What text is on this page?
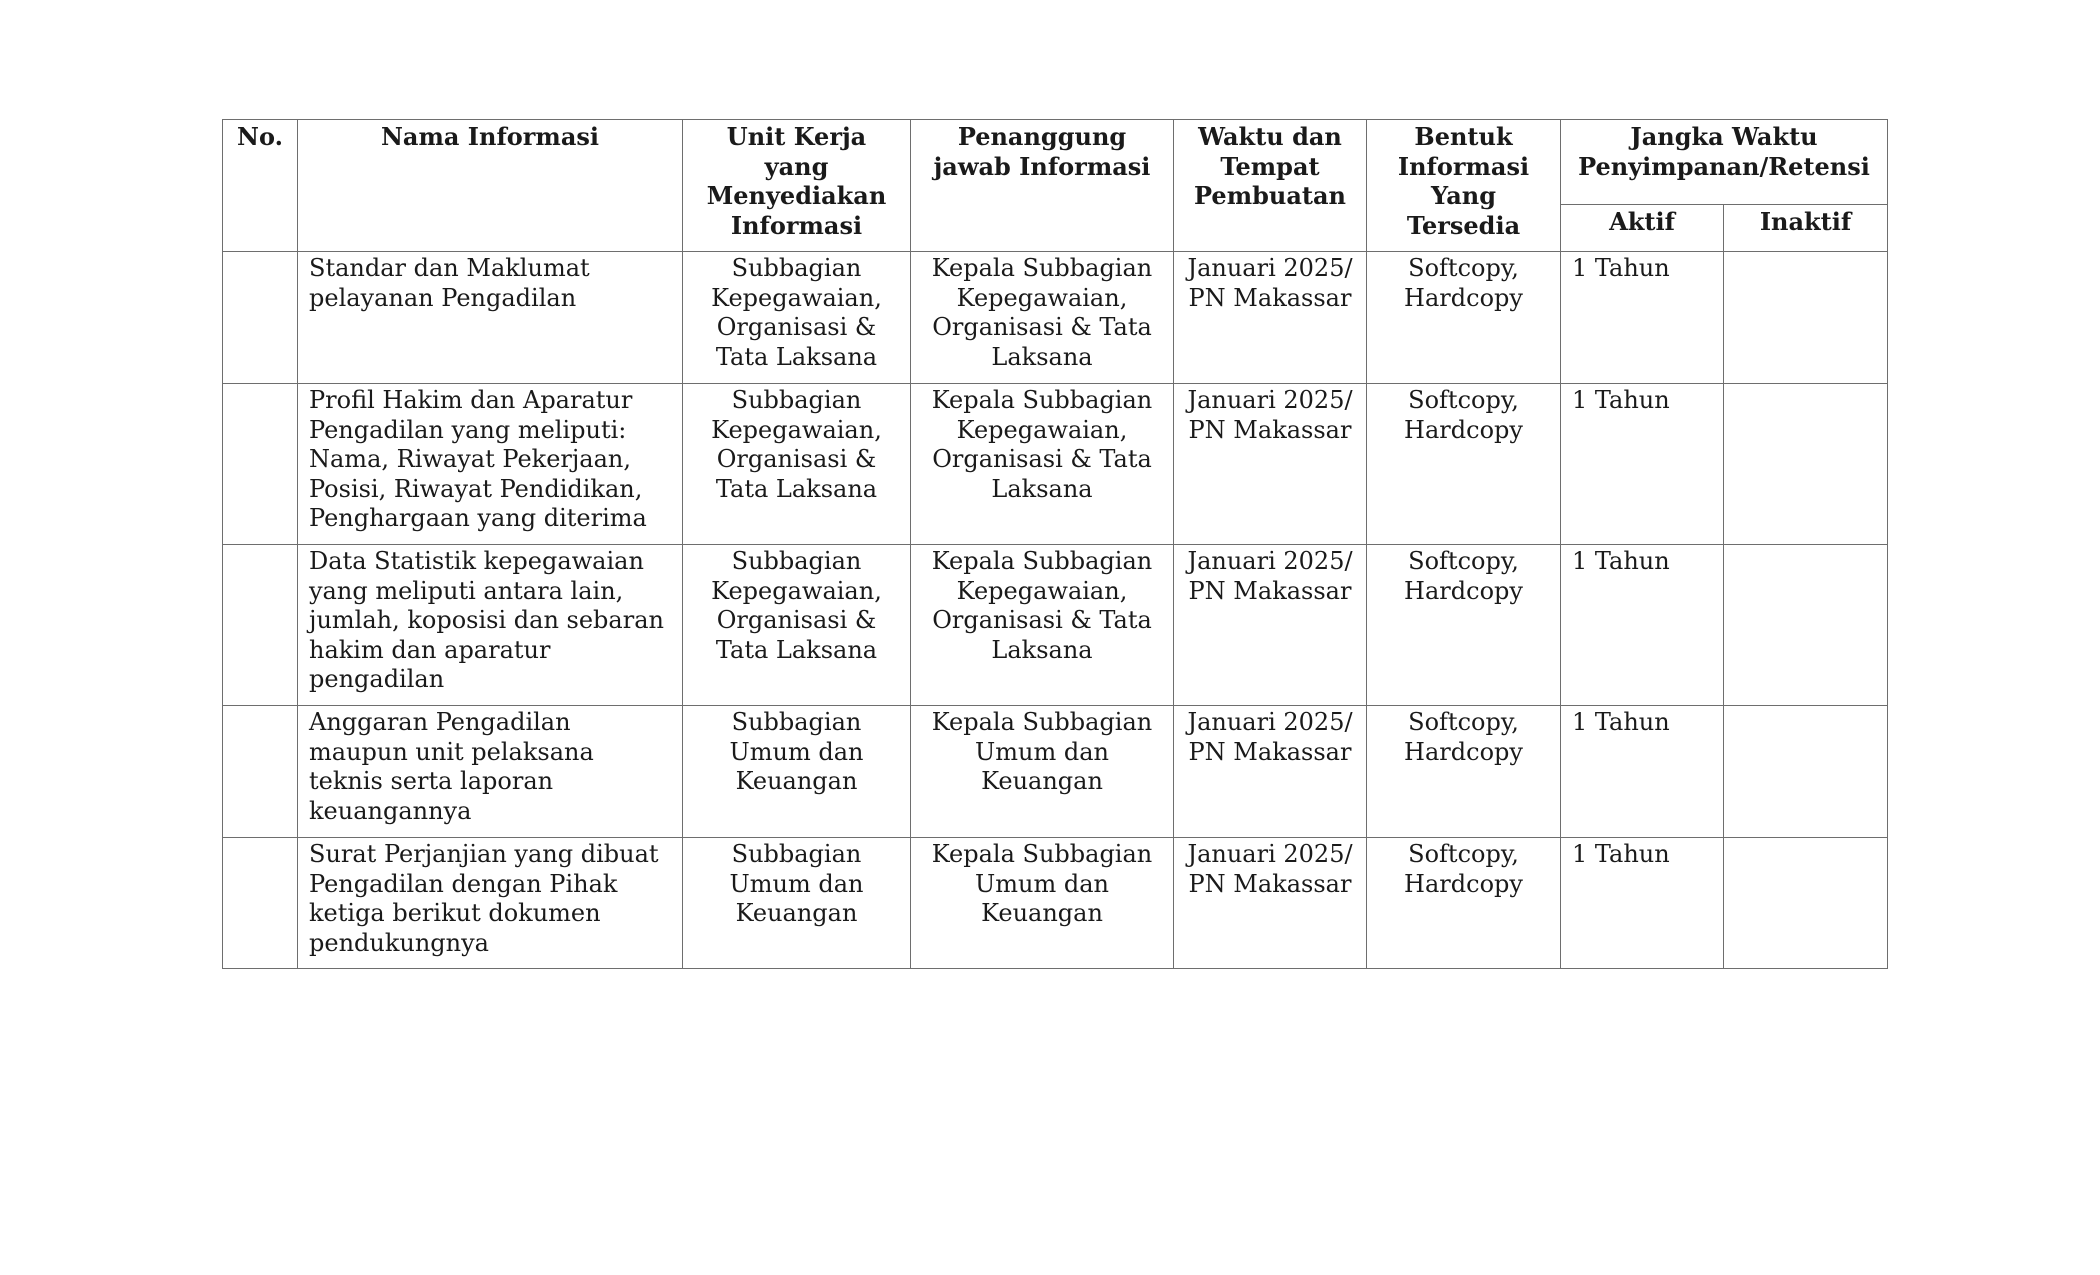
No.	Nama Informasi	Unit Kerja yang Menyediakan Informasi	Penanggung jawab Informasi	Waktu dan Tempat Pembuatan	Bentuk Informasi Yang Tersedia	Jangka Waktu Penyimpanan/Retensi	
						Aktif	Inaktif
	Standar dan Maklumat pelayanan Pengadilan	Subbagian Kepegawaian, Organisasi & Tata Laksana	Kepala Subbagian Kepegawaian, Organisasi & Tata Laksana	Januari 2025/ PN Makassar	Softcopy, Hardcopy	1 Tahun	
	Profil Hakim dan Aparatur Pengadilan yang meliputi: Nama, Riwayat Pekerjaan, Posisi, Riwayat Pendidikan, Penghargaan yang diterima	Subbagian Kepegawaian, Organisasi & Tata Laksana	Kepala Subbagian Kepegawaian, Organisasi & Tata Laksana	Januari 2025/ PN Makassar	Softcopy, Hardcopy	1 Tahun	
	Data Statistik kepegawaian yang meliputi antara lain, jumlah, koposisi dan sebaran hakim dan aparatur pengadilan	Subbagian Kepegawaian, Organisasi & Tata Laksana	Kepala Subbagian Kepegawaian, Organisasi & Tata Laksana	Januari 2025/ PN Makassar	Softcopy, Hardcopy	1 Tahun	
	Anggaran Pengadilan maupun unit pelaksana teknis serta laporan keuangannya	Subbagian Umum dan Keuangan	Kepala Subbagian Umum dan Keuangan	Januari 2025/ PN Makassar	Softcopy, Hardcopy	1 Tahun	
	Surat Perjanjian yang dibuat Pengadilan dengan Pihak ketiga berikut dokumen pendukungnya	Subbagian Umum dan Keuangan	Kepala Subbagian Umum dan Keuangan	Januari 2025/ PN Makassar	Softcopy, Hardcopy	1 Tahun	
